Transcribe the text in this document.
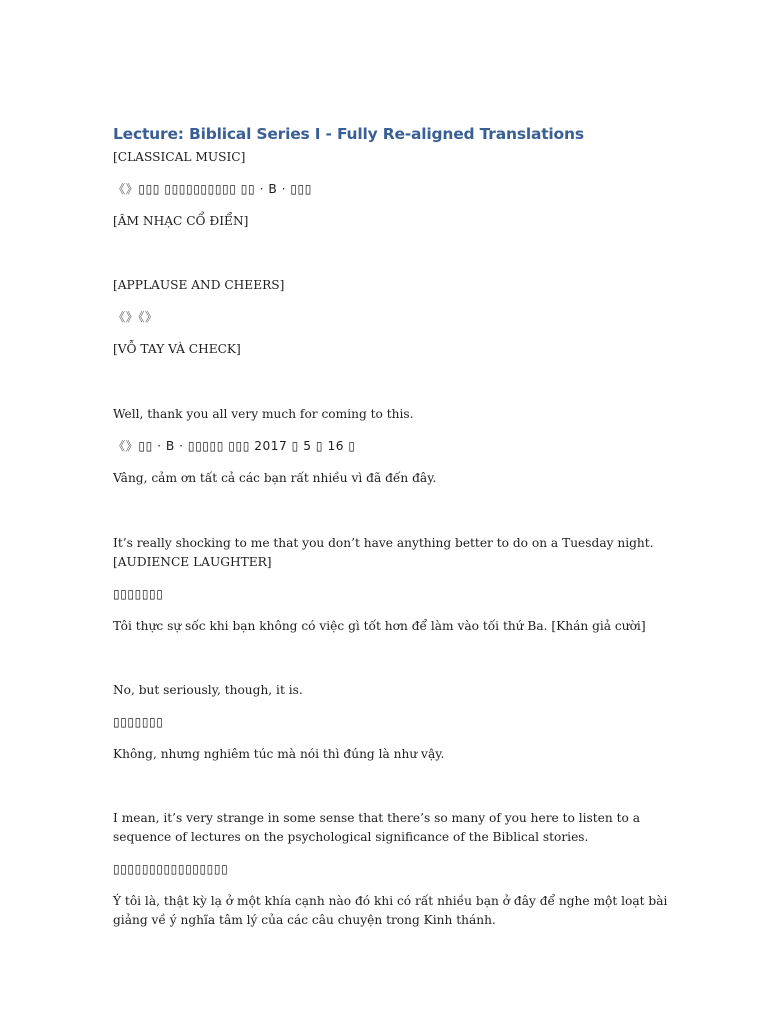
Lecture: Biblical Series I - Fully Re-aligned Translations

[CLASSICAL MUSIC]

《》▯▯▯ ▯▯▯▯▯▯▯▯▯▯ ▯▯ · B · ▯▯▯

[ÂM NHẠC CỔ ĐIỂN]

[APPLAUSE AND CHEERS]

《》《》

[VỖ TAY VÀ CHECK]

Well, thank you all very much for coming to this.

《》▯▯ · B · ▯▯▯▯▯ ▯▯▯ 2017 ▯ 5 ▯ 16 ▯

Vâng, cảm ơn tất cả các bạn rất nhiều vì đã đến đây.

It’s really shocking to me that you don’t have anything better to do on a Tuesday night. [AUDIENCE LAUGHTER]

▯▯▯▯▯▯▯

Tôi thực sự sốc khi bạn không có việc gì tốt hơn để làm vào tối thứ Ba. [Khán giả cười]

No, but seriously, though, it is.

▯▯▯▯▯▯▯

Không, nhưng nghiêm túc mà nói thì đúng là như vậy.

I mean, it’s very strange in some sense that there’s so many of you here to listen to a sequence of lectures on the psychological significance of the Biblical stories.

▯▯▯▯▯▯▯▯▯▯▯▯▯▯▯▯

Ý tôi là, thật kỳ lạ ở một khía cạnh nào đó khi có rất nhiều bạn ở đây để nghe một loạt bài giảng về ý nghĩa tâm lý của các câu chuyện trong Kinh thánh.
